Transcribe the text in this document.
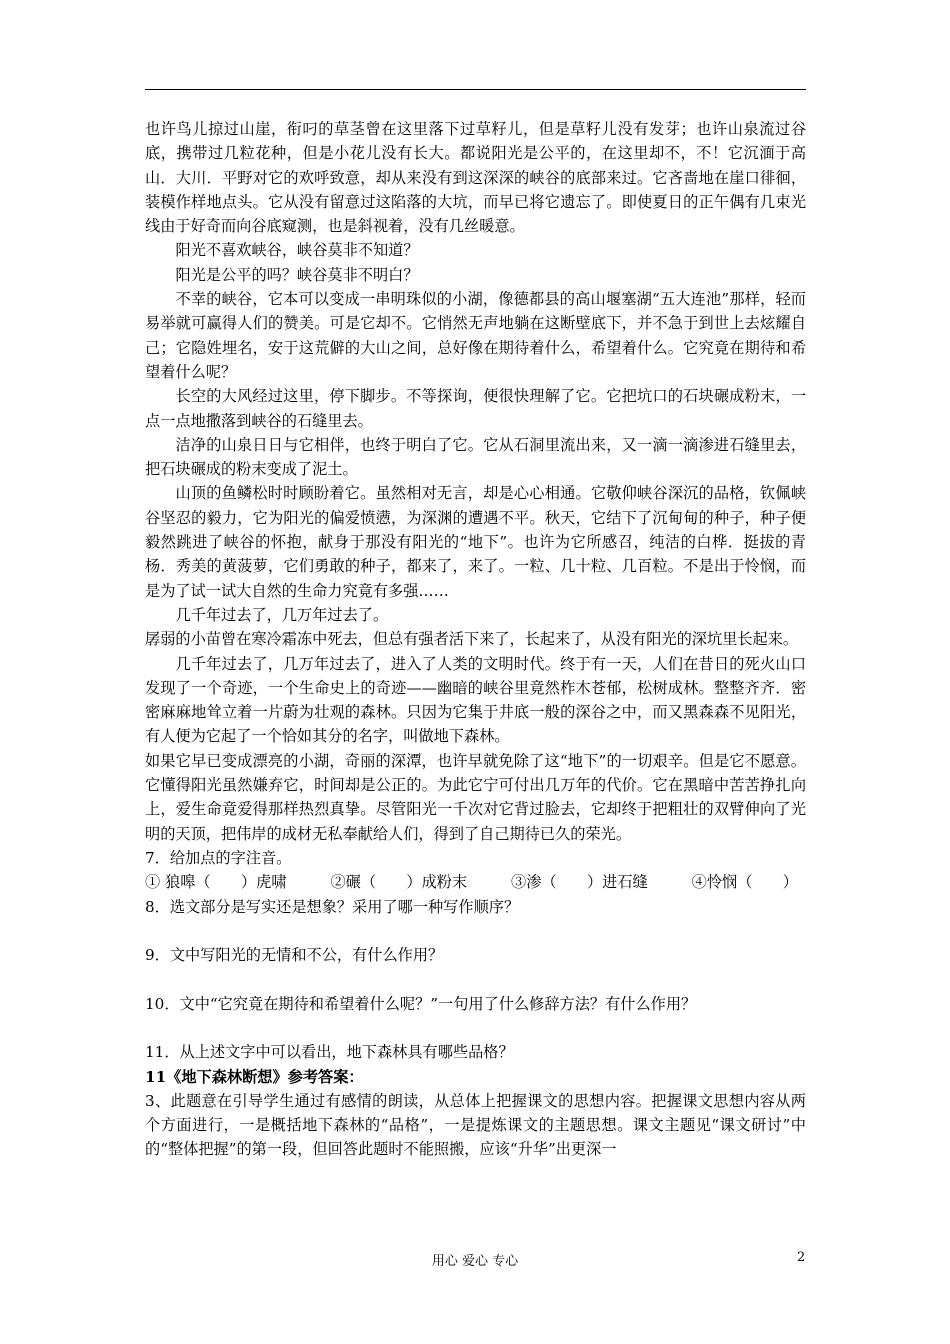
也许鸟儿掠过山崖，衔叼的草茎曾在这里落下过草籽儿，但是草籽儿没有发芽；也许山泉流过谷底，携带过几粒花种，但是小花儿没有长大。都说阳光是公平的，在这里却不，不！它沉湎于高山．大川．平野对它的欢呼致意，却从来没有到这深深的峡谷的底部来过。它吝啬地在崖口徘徊，装模作样地点头。它从没有留意过这陷落的大坑，而早已将它遗忘了。即使夏日的正午偶有几束光线由于好奇而向谷底窥测，也是斜视着，没有几丝暖意。

阳光不喜欢峡谷，峡谷莫非不知道？

阳光是公平的吗？峡谷莫非不明白？

不幸的峡谷，它本可以变成一串明珠似的小湖，像德都县的高山堰塞湖“五大连池”那样，轻而易举就可赢得人们的赞美。可是它却不。它悄然无声地躺在这断壁底下，并不急于到世上去炫耀自己；它隐姓埋名，安于这荒僻的大山之间，总好像在期待着什么，希望着什么。它究竟在期待和希望着什么呢？

长空的大风经过这里，停下脚步。不等探询，便很快理解了它。它把坑口的石块碾成粉末，一点一点地撒落到峡谷的石缝里去。

洁净的山泉日日与它相伴，也终于明白了它。它从石洞里流出来，又一滴一滴渗进石缝里去，把石块碾成的粉末变成了泥土。

山顶的鱼鳞松时时顾盼着它。虽然相对无言，却是心心相通。它敬仰峡谷深沉的品格，钦佩峡谷坚忍的毅力，它为阳光的偏爱愤懑，为深渊的遭遇不平。秋天，它结下了沉甸甸的种子，种子便毅然跳进了峡谷的怀抱，献身于那没有阳光的“地下”。也许为它所感召，纯洁的白桦．挺拔的青杨．秀美的黄菠萝，它们勇敢的种子，都来了，来了。一粒、几十粒、几百粒。不是出于怜悯，而是为了试一试大自然的生命力究竟有多强……

几千年过去了，几万年过去了。

孱弱的小苗曾在寒冷霜冻中死去，但总有强者活下来了，长起来了，从没有阳光的深坑里长起来。

几千年过去了，几万年过去了，进入了人类的文明时代。终于有一天，人们在昔日的死火山口发现了一个奇迹，一个生命史上的奇迹——幽暗的峡谷里竟然柞木苍郁，松树成林。整整齐齐．密密麻麻地耸立着一片蔚为壮观的森林。只因为它集于井底一般的深谷之中，而又黑森森不见阳光，有人便为它起了一个恰如其分的名字，叫做地下森林。

如果它早已变成漂亮的小湖，奇丽的深潭，也许早就免除了这“地下”的一切艰辛。但是它不愿意。它懂得阳光虽然嫌弃它，时间却是公正的。为此它宁可付出几万年的代价。它在黑暗中苦苦挣扎向上，爱生命竟爱得那样热烈真挚。尽管阳光一千次对它背过脸去，它却终于把粗壮的双臂伸向了光明的天顶，把伟岸的成材无私奉献给人们，得到了自己期待已久的荣光。

7．给加点的字注音。

① 狼嗥（　　）虎啸	②碾（　　）成粉末	③渗（　　）进石缝	④怜悯（　　）

8．选文部分是写实还是想象？采用了哪一种写作顺序？

9．文中写阳光的无情和不公，有什么作用？

10．文中“它究竟在期待和希望着什么呢？”一句用了什么修辞方法？有什么作用？

11．从上述文字中可以看出，地下森林具有哪些品格？

11《地下森林断想》参考答案：

3、此题意在引导学生通过有感情的朗读，从总体上把握课文的思想内容。把握课文思想内容从两个方面进行，一是概括地下森林的“品格”，一是提炼课文的主题思想。课文主题见“课文研讨”中的“整体把握”的第一段，但回答此题时不能照搬，应该“升华”出更深一

用心 爱心 专心	2
